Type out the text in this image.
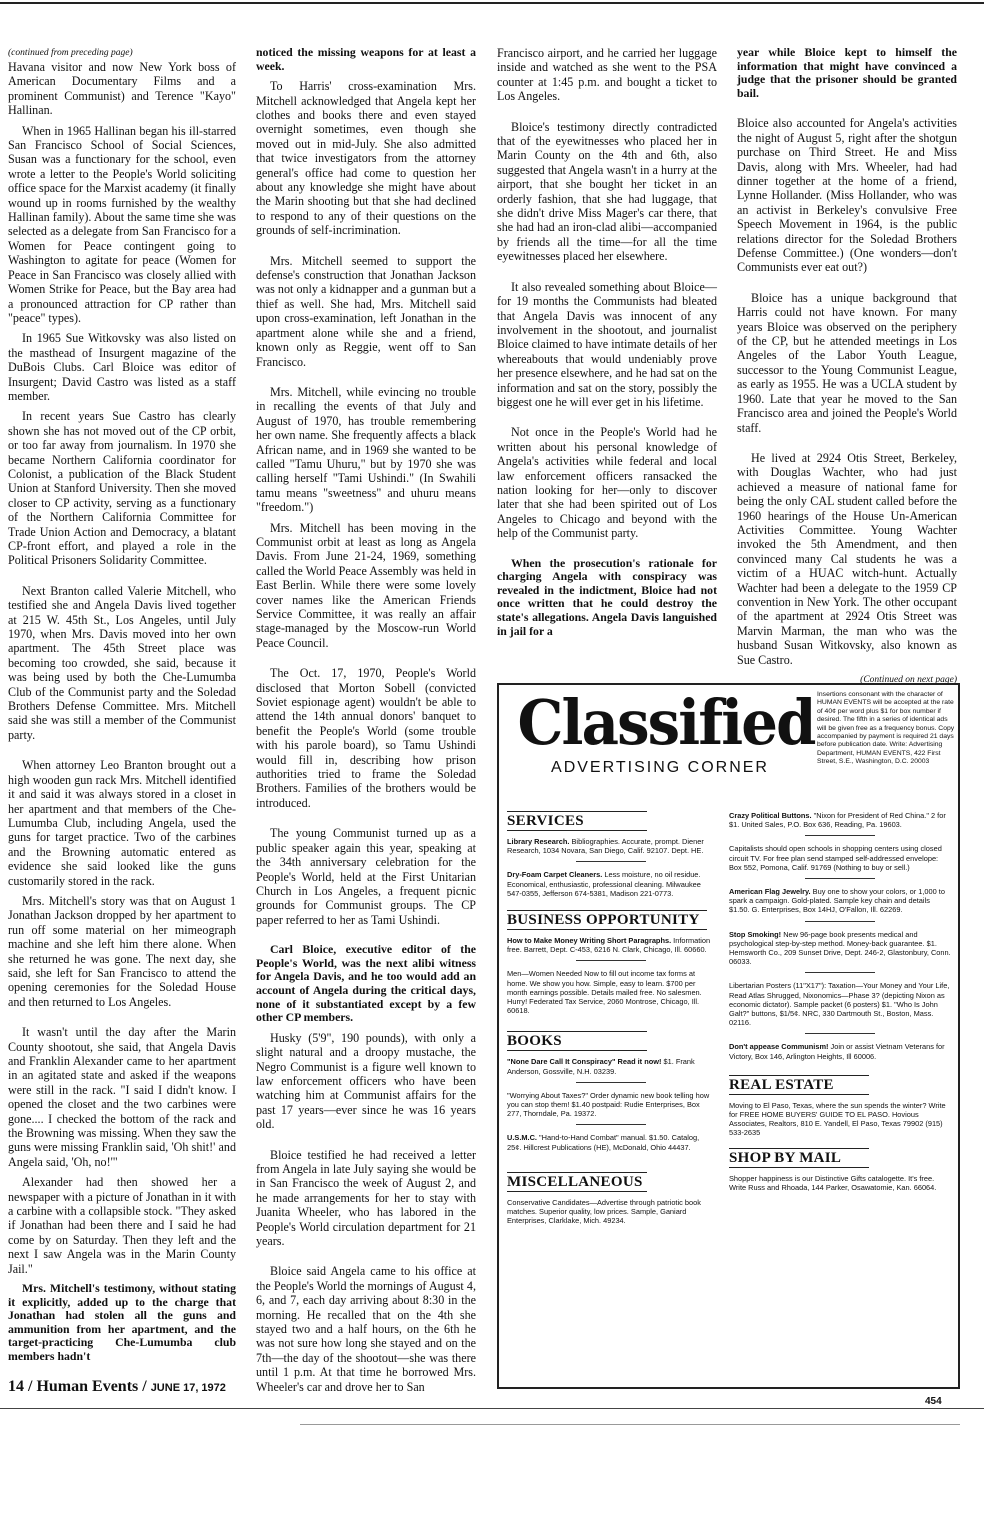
(continued from preceding page)

Havana visitor and now New York boss of American Documentary Films and a prominent Communist) and Terence "Kayo" Hallinan.

When in 1965 Hallinan began his ill-starred San Francisco School of Social Sciences, Susan was a functionary for the school, even wrote a letter to the People's World soliciting office space for the Marxist academy (it finally wound up in rooms furnished by the wealthy Hallinan family). About the same time she was selected as a delegate from San Francisco for a Women for Peace contingent going to Washington to agitate for peace (Women for Peace in San Francisco was closely allied with Women Strike for Peace, but the Bay area had a pronounced attraction for CP rather than "peace" types).

In 1965 Sue Witkovsky was also listed on the masthead of Insurgent magazine of the DuBois Clubs. Carl Bloice was editor of Insurgent; David Castro was listed as a staff member.

In recent years Sue Castro has clearly shown she has not moved out of the CP orbit, or too far away from journalism. In 1970 she became Northern California coordinator for Colonist, a publication of the Black Student Union at Stanford University. Then she moved closer to CP activity, serving as a functionary of the Northern California Committee for Trade Union Action and Democracy, a blatant CP-front effort, and played a role in the Political Prisoners Solidarity Committee.

Next Branton called Valerie Mitchell, who testified she and Angela Davis lived together at 215 W. 45th St., Los Angeles, until July 1970, when Mrs. Davis moved into her own apartment. The 45th Street place was becoming too crowded, she said, because it was being used by both the Che-Lumumba Club of the Communist party and the Soledad Brothers Defense Committee. Mrs. Mitchell said she was still a member of the Communist party.

When attorney Leo Branton brought out a high wooden gun rack Mrs. Mitchell identified it and said it was always stored in a closet in her apartment and that members of the Che-Lumumba Club, including Angela, used the guns for target practice. Two of the carbines and the Browning automatic entered as evidence she said looked like the guns customarily stored in the rack.

Mrs. Mitchell's story was that on August 1 Jonathan Jackson dropped by her apartment to run off some material on her mimeograph machine and she left him there alone. When she returned he was gone. The next day, she said, she left for San Francisco to attend the opening ceremonies for the Soledad House and then returned to Los Angeles.

It wasn't until the day after the Marin County shootout, she said, that Angela Davis and Franklin Alexander came to her apartment in an agitated state and asked if the weapons were still in the rack. "I said I didn't know. I opened the closet and the two carbines were gone.... I checked the bottom of the rack and the Browning was missing. When they saw the guns were missing Franklin said, 'Oh shit!' and Angela said, 'Oh, no!'"

Alexander had then showed her a newspaper with a picture of Jonathan in it with a carbine with a collapsible stock. "They asked if Jonathan had been there and I said he had come by on Saturday. Then they left and the next I saw Angela was in the Marin County Jail."

Mrs. Mitchell's testimony, without stating it explicitly, added up to the charge that Jonathan had stolen all the guns and ammunition from her apartment, and the target-practicing Che-Lumumba club members hadn't

noticed the missing weapons for at least a week.

To Harris' cross-examination Mrs. Mitchell acknowledged that Angela kept her clothes and books there and even stayed overnight sometimes, even though she moved out in mid-July. She also admitted that twice investigators from the attorney general's office had come to question her about any knowledge she might have about the Marin shooting but that she had declined to respond to any of their questions on the grounds of self-incrimination.

Mrs. Mitchell seemed to support the defense's construction that Jonathan Jackson was not only a kidnapper and a gunman but a thief as well. She had, Mrs. Mitchell said upon cross-examination, left Jonathan in the apartment alone while she and a friend, known only as Reggie, went off to San Francisco.

Mrs. Mitchell, while evincing no trouble in recalling the events of that July and August of 1970, has trouble remembering her own name. She frequently affects a black African name, and in 1969 she wanted to be called "Tamu Uhuru," but by 1970 she was calling herself "Tami Ushindi." (In Swahili tamu means "sweetness" and uhuru means "freedom.")

Mrs. Mitchell has been moving in the Communist orbit at least as long as Angela Davis. From June 21-24, 1969, something called the World Peace Assembly was held in East Berlin. While there were some lovely cover names like the American Friends Service Committee, it was really an affair stage-managed by the Moscow-run World Peace Council.

The Oct. 17, 1970, People's World disclosed that Morton Sobell (convicted Soviet espionage agent) wouldn't be able to attend the 14th annual donors' banquet to benefit the People's World (some trouble with his parole board), so Tamu Ushindi would fill in, describing how prison authorities tried to frame the Soledad Brothers. Families of the brothers would be introduced.

The young Communist turned up as a public speaker again this year, speaking at the 34th anniversary celebration for the People's World, held at the First Unitarian Church in Los Angeles, a frequent picnic grounds for Communist groups. The CP paper referred to her as Tami Ushindi.

Carl Bloice, executive editor of the People's World, was the next alibi witness for Angela Davis, and he too would add an account of Angela during the critical days, none of it substantiated except by a few other CP members.

Husky (5'9", 190 pounds), with only a slight natural and a droopy mustache, the Negro Communist is a figure well known to law enforcement officers who have been watching him at Communist affairs for the past 17 years—ever since he was 16 years old.

Bloice testified he had received a letter from Angela in late July saying she would be in San Francisco the week of August 2, and he made arrangements for her to stay with Juanita Wheeler, who has labored in the People's World circulation department for 21 years.

Bloice said Angela came to his office at the People's World the mornings of August 4, 6, and 7, each day arriving about 8:30 in the morning. He recalled that on the 4th she stayed two and a half hours, on the 6th he was not sure how long she stayed and on the 7th—the day of the shootout—she was there until 1 p.m. At that time he borrowed Mrs. Wheeler's car and drove her to San

Francisco airport, and he carried her luggage inside and watched as she went to the PSA counter at 1:45 p.m. and bought a ticket to Los Angeles.

Bloice's testimony directly contradicted that of the eyewitnesses who placed her in Marin County on the 4th and 6th, also suggested that Angela wasn't in a hurry at the airport, that she bought her ticket in an orderly fashion, that she had luggage, that she didn't drive Miss Mager's car there, that she had had an iron-clad alibi—accompanied by friends all the time—for all the time eyewitnesses placed her elsewhere.

It also revealed something about Bloice—for 19 months the Communists had bleated that Angela Davis was innocent of any involvement in the shootout, and journalist Bloice claimed to have intimate details of her whereabouts that would undeniably prove her presence elsewhere, and he had sat on the information and sat on the story, possibly the biggest one he will ever get in his lifetime.

Not once in the People's World had he written about his personal knowledge of Angela's activities while federal and local law enforcement officers ransacked the nation looking for her—only to discover later that she had been spirited out of Los Angeles to Chicago and beyond with the help of the Communist party.

When the prosecution's rationale for charging Angela with conspiracy was revealed in the indictment, Bloice had not once written that he could destroy the state's allegations. Angela Davis languished in jail for a

year while Bloice kept to himself the information that might have convinced a judge that the prisoner should be granted bail.

Bloice also accounted for Angela's activities the night of August 5, right after the shotgun purchase on Third Street. He and Miss Davis, along with Mrs. Wheeler, had had dinner together at the home of a friend, Lynne Hollander. (Miss Hollander, who was an activist in Berkeley's convulsive Free Speech Movement in 1964, is the public relations director for the Soledad Brothers Defense Committee.) (One wonders—don't Communists ever eat out?)

Bloice has a unique background that Harris could not have known. For many years Bloice was observed on the periphery of the CP, but he attended meetings in Los Angeles of the Labor Youth League, successor to the Young Communist League, as early as 1955. He was a UCLA student by 1960. Late that year he moved to the San Francisco area and joined the People's World staff.

He lived at 2924 Otis Street, Berkeley, with Douglas Wachter, who had just achieved a measure of national fame for being the only CAL student called before the 1960 hearings of the House Un-American Activities Committee. Young Wachter invoked the 5th Amendment, and then convinced many Cal students he was a victim of a HUAC witch-hunt. Actually Wachter had been a delegate to the 1959 CP convention in New York. The other occupant of the apartment at 2924 Otis Street was Marvin Marman, the man who was the husband Susan Witkovsky, also known as Sue Castro.

(Continued on next page)

Classified
ADVERTISING CORNER
Insertions consonant with the character of HUMAN EVENTS will be accepted at the rate of 40¢ per word plus $1 for box number if desired. The fifth in a series of identical ads will be given free as a frequency bonus. Copy accompanied by payment is required 21 days before publication date. Write: Advertising Department, HUMAN EVENTS, 422 First Street, S.E., Washington, D.C. 20003
SERVICES

Library Research. Bibliographies. Accurate, prompt. Diener Research, 1034 Novara, San Diego, Calif. 92107. Dept. HE.

Dry-Foam Carpet Cleaners. Less moisture, no oil residue. Economical, enthusiastic, professional cleaning. Milwaukee 547-0355, Jefferson 674-5381, Madison 221-0773.

BUSINESS OPPORTUNITY

How to Make Money Writing Short Paragraphs. Information free. Barrett, Dept. C-453, 6216 N. Clark, Chicago, Ill. 60660.

Men—Women Needed Now to fill out income tax forms at home. We show you how. Simple, easy to learn. $700 per month earnings possible. Details mailed free. No salesmen. Hurry! Federated Tax Service, 2060 Montrose, Chicago, Ill. 60618.

BOOKS

"None Dare Call It Conspiracy" Read it now! $1. Frank Anderson, Gossville, N.H. 03239.

"Worrying About Taxes?" Order dynamic new book telling how you can stop them! $1.40 postpaid: Rudie Enterprises, Box 277, Thorndale, Pa. 19372.

U.S.M.C. "Hand-to-Hand Combat" manual. $1.50. Catalog, 25¢. Hillcrest Publications (HE), McDonald, Ohio 44437.

MISCELLANEOUS

Conservative Candidates—Advertise through patriotic book matches. Superior quality, low prices. Sample, Ganiard Enterprises, Clarklake, Mich. 49234.

Crazy Political Buttons. "Nixon for President of Red China." 2 for $1. United Sales, P.O. Box 636, Reading, Pa. 19603.

Capitalists should open schools in shopping centers using closed circuit TV. For free plan send stamped self-addressed envelope: Box 552, Pomona, Calif. 91769 (Nothing to buy or sell.)

American Flag Jewelry. Buy one to show your colors, or 1,000 to spark a campaign. Gold-plated. Sample key chain and details $1.50. G. Enterprises, Box 14HJ, O'Fallon, Ill. 62269.

Stop Smoking! New 96-page book presents medical and psychological step-by-step method. Money-back guarantee. $1. Hemsworth Co., 209 Sunset Drive, Dept. 246-2, Glastonbury, Conn. 06033.

Libertarian Posters (11"X17"): Taxation—Your Money and Your Life, Read Atlas Shrugged, Nixonomics—Phase 3? (depicting Nixon as economic dictator). Sample packet (6 posters) $1. "Who Is John Galt?" buttons, $1/5¢. NRC, 330 Dartmouth St., Boston, Mass. 02116.

Don't appease Communism! Join or assist Vietnam Veterans for Victory, Box 146, Arlington Heights, Ill 60006.

REAL ESTATE

Moving to El Paso, Texas, where the sun spends the winter? Write for FREE HOME BUYERS' GUIDE TO EL PASO. Hovious Associates, Realtors, 810 E. Yandell, El Paso, Texas 79902 (915) 533-2635

SHOP BY MAIL

Shopper happiness is our Distinctive Gifts catalogette. It's free. Write Russ and Rhoada, 144 Parker, Osawatomie, Kan. 66064.

14 / Human Events / JUNE 17, 1972
454
